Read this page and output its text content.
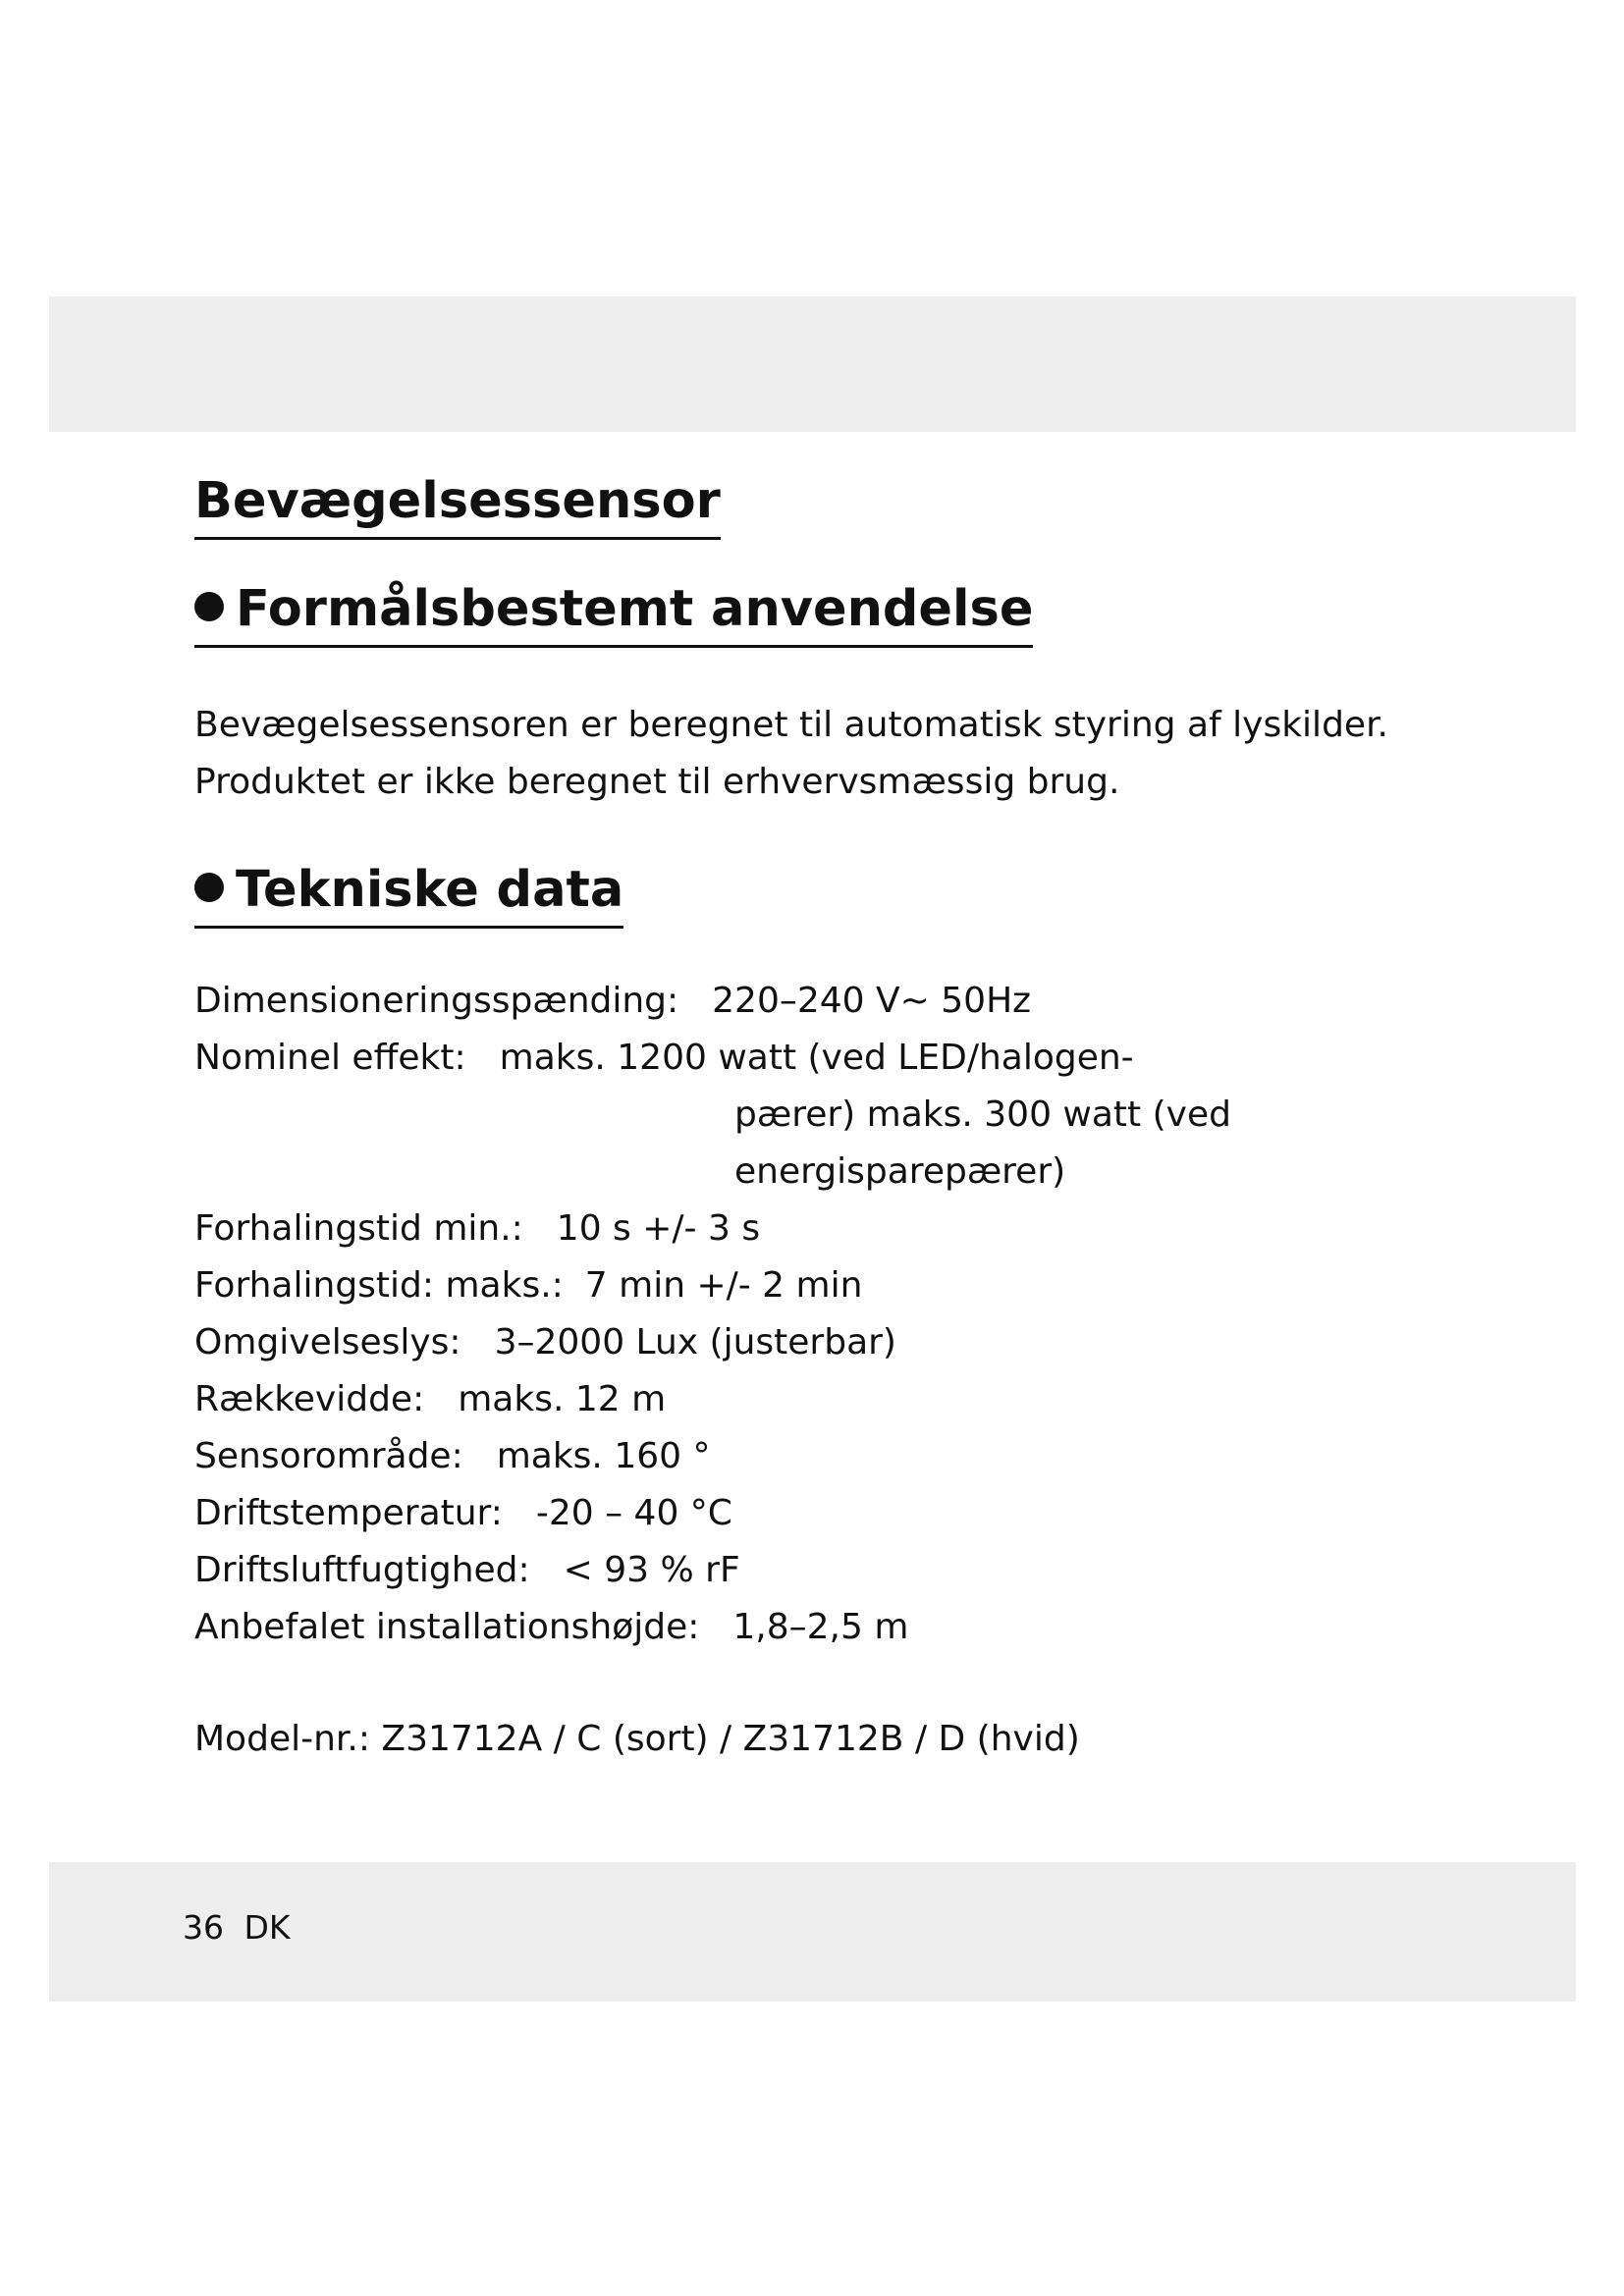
Bevægelsessensor
Formålsbestemt anvendelse

Bevægelsessensoren er beregnet til automatisk styring af lyskilder.

Produktet er ikke beregnet til erhvervsmæssig brug.

Tekniske data
Dimensioneringsspænding: 220–240 V~ 50Hz
Nominel effekt: maks. 1200 watt (ved LED/halogen-
pærer) maks. 300 watt (ved
energisparepærer)
Forhalingstid min.: 10 s +/- 3 s
Forhalingstid: maks.: 7 min +/- 2 min
Omgivelseslys: 3–2000 Lux (justerbar)
Rækkevidde: maks. 12 m
Sensorområde: maks. 160 °
Driftstemperatur: -20 – 40 °C
Driftsluftfugtighed: < 93 % rF
Anbefalet installationshøjde: 1,8–2,5 m
Model-nr.: Z31712A / C (sort) / Z31712B / D (hvid)
36 DK
